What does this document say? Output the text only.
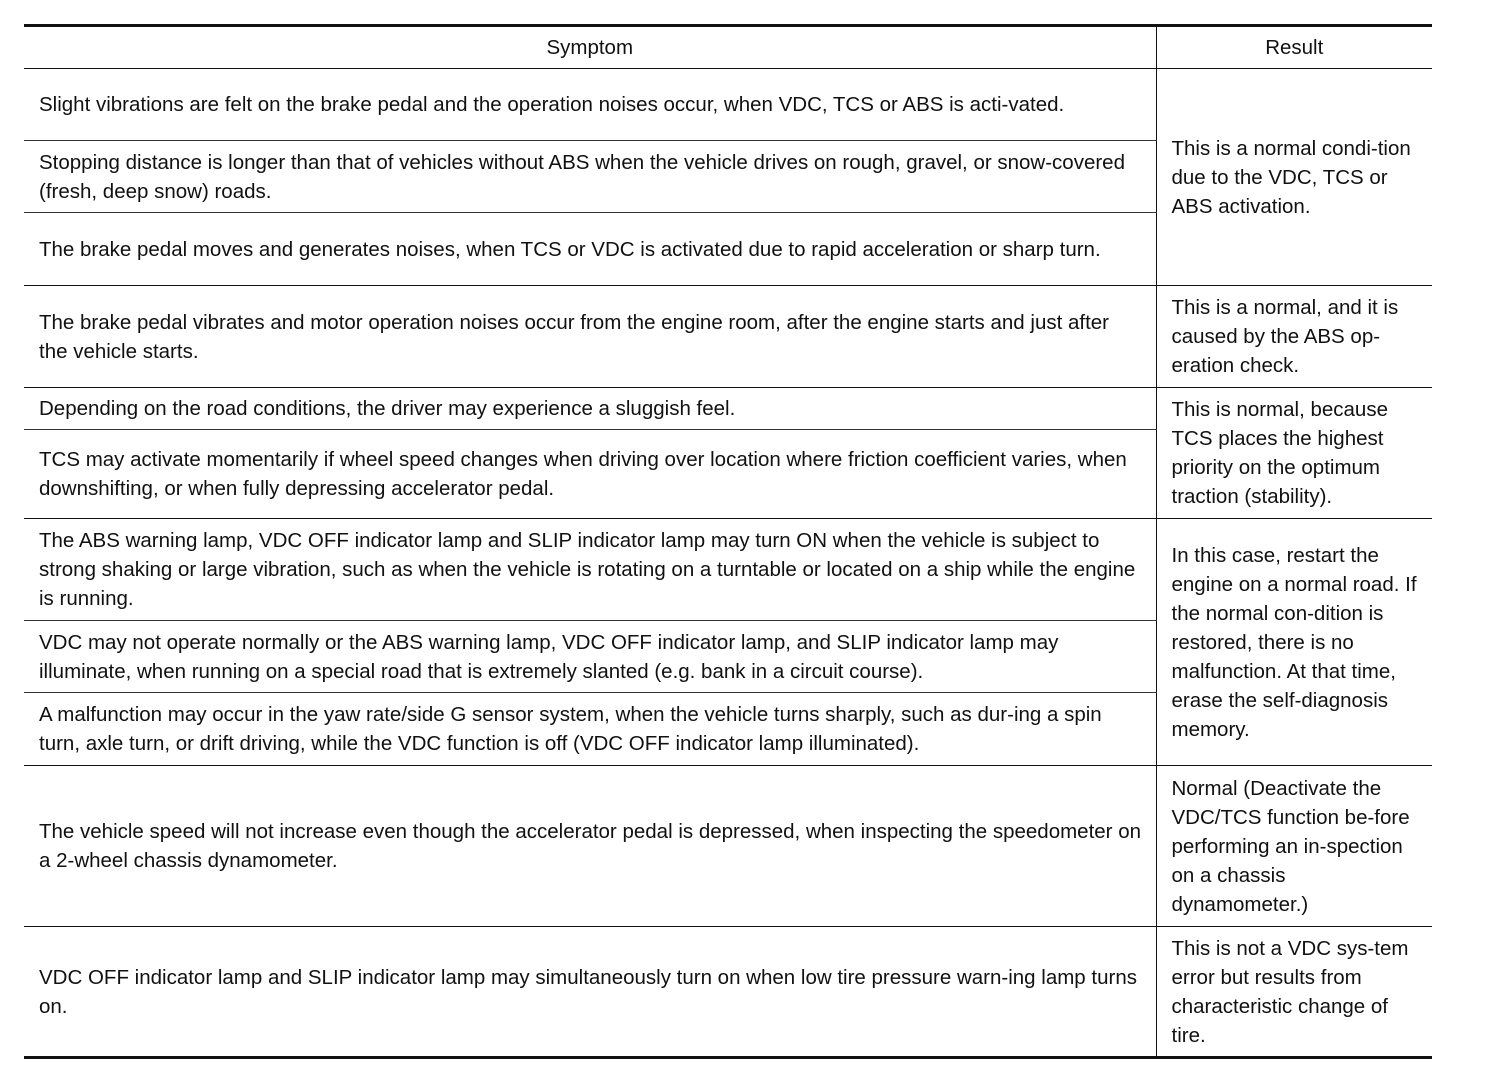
Symptom	Result
Slight vibrations are felt on the brake pedal and the operation noises occur, when VDC, TCS or ABS is acti-vated.	This is a normal condi-tion due to the VDC, TCS or ABS activation.
Stopping distance is longer than that of vehicles without ABS when the vehicle drives on rough, gravel, or snow-covered (fresh, deep snow) roads.	
The brake pedal moves and generates noises, when TCS or VDC is activated due to rapid acceleration or sharp turn.	
The brake pedal vibrates and motor operation noises occur from the engine room, after the engine starts and just after the vehicle starts.	This is a normal, and it is caused by the ABS op-eration check.
Depending on the road conditions, the driver may experience a sluggish feel.	This is normal, because TCS places the highest priority on the optimum traction (stability).
TCS may activate momentarily if wheel speed changes when driving over location where friction coefficient varies, when downshifting, or when fully depressing accelerator pedal.	
The ABS warning lamp, VDC OFF indicator lamp and SLIP indicator lamp may turn ON when the vehicle is subject to strong shaking or large vibration, such as when the vehicle is rotating on a turntable or located on a ship while the engine is running.	In this case, restart the engine on a normal road. If the normal con-dition is restored, there is no malfunction. At that time, erase the self-diagnosis memory.
VDC may not operate normally or the ABS warning lamp, VDC OFF indicator lamp, and SLIP indicator lamp may illuminate, when running on a special road that is extremely slanted (e.g. bank in a circuit course).	
A malfunction may occur in the yaw rate/side G sensor system, when the vehicle turns sharply, such as dur-ing a spin turn, axle turn, or drift driving, while the VDC function is off (VDC OFF indicator lamp illuminated).	
The vehicle speed will not increase even though the accelerator pedal is depressed, when inspecting the speedometer on a 2-wheel chassis dynamometer.	Normal (Deactivate the VDC/TCS function be-fore performing an in-spection on a chassis dynamometer.)
VDC OFF indicator lamp and SLIP indicator lamp may simultaneously turn on when low tire pressure warn-ing lamp turns on.	This is not a VDC sys-tem error but results from characteristic change of tire.
